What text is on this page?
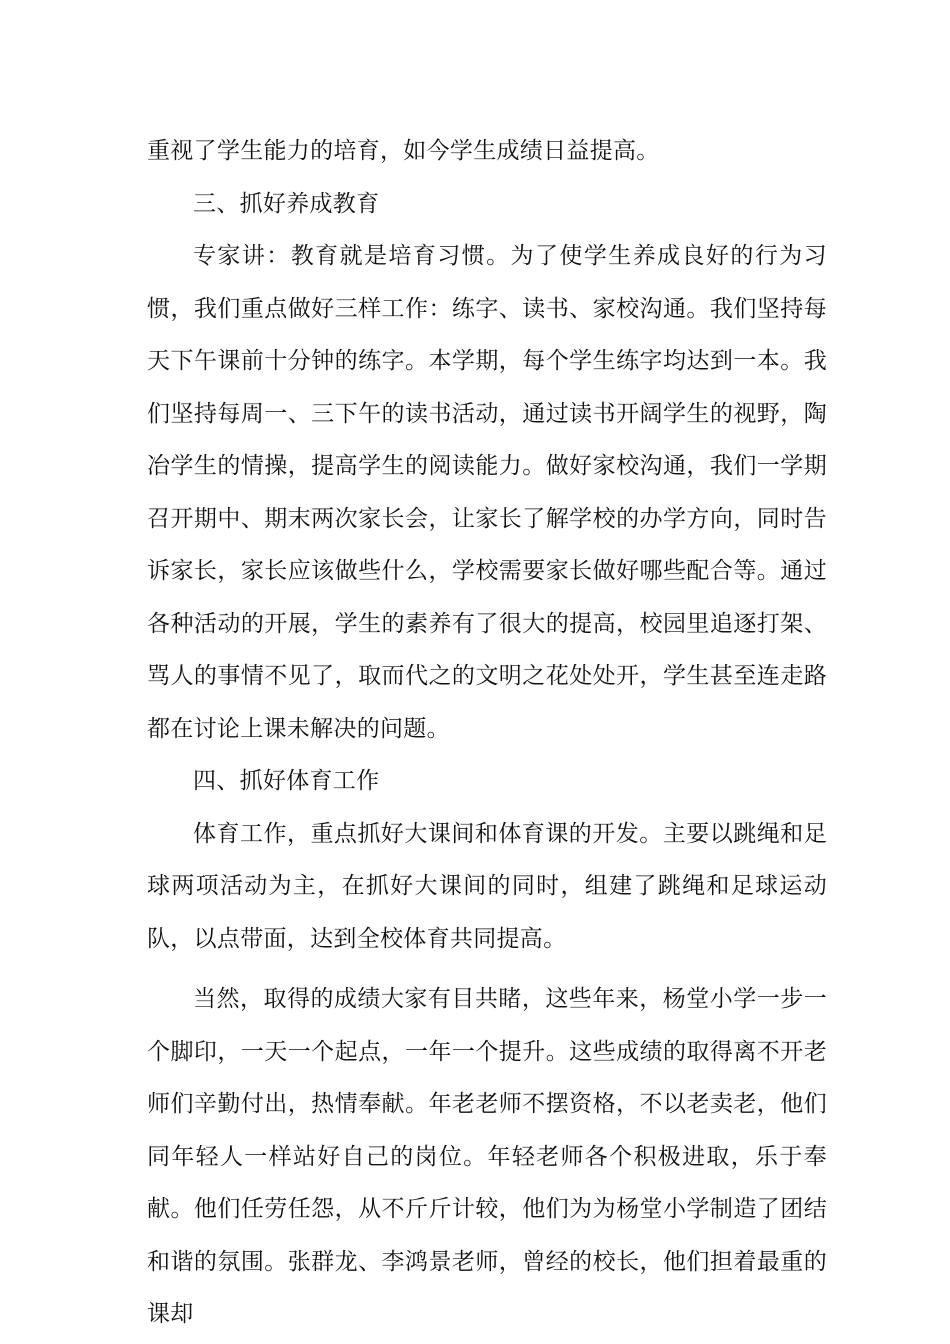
重视了学生能力的培育，如今学生成绩日益提高。

三、抓好养成教育

专家讲：教育就是培育习惯。为了使学生养成良好的行为习惯，我们重点做好三样工作：练字、读书、家校沟通。我们坚持每天下午课前十分钟的练字。本学期，每个学生练字均达到一本。我们坚持每周一、三下午的读书活动，通过读书开阔学生的视野，陶冶学生的情操，提高学生的阅读能力。做好家校沟通，我们一学期召开期中、期末两次家长会，让家长了解学校的办学方向，同时告诉家长，家长应该做些什么，学校需要家长做好哪些配合等。通过各种活动的开展，学生的素养有了很大的提高，校园里追逐打架、骂人的事情不见了，取而代之的文明之花处处开，学生甚至连走路都在讨论上课未解决的问题。

四、抓好体育工作

体育工作，重点抓好大课间和体育课的开发。主要以跳绳和足球两项活动为主，在抓好大课间的同时，组建了跳绳和足球运动队，以点带面，达到全校体育共同提高。

当然，取得的成绩大家有目共睹，这些年来，杨堂小学一步一个脚印，一天一个起点，一年一个提升。这些成绩的取得离不开老师们辛勤付出，热情奉献。年老老师不摆资格，不以老卖老，他们同年轻人一样站好自己的岗位。年轻老师各个积极进取，乐于奉献。他们任劳任怨，从不斤斤计较，他们为为杨堂小学制造了团结和谐的氛围。张群龙、李鸿景老师，曾经的校长，他们担着最重的课却
